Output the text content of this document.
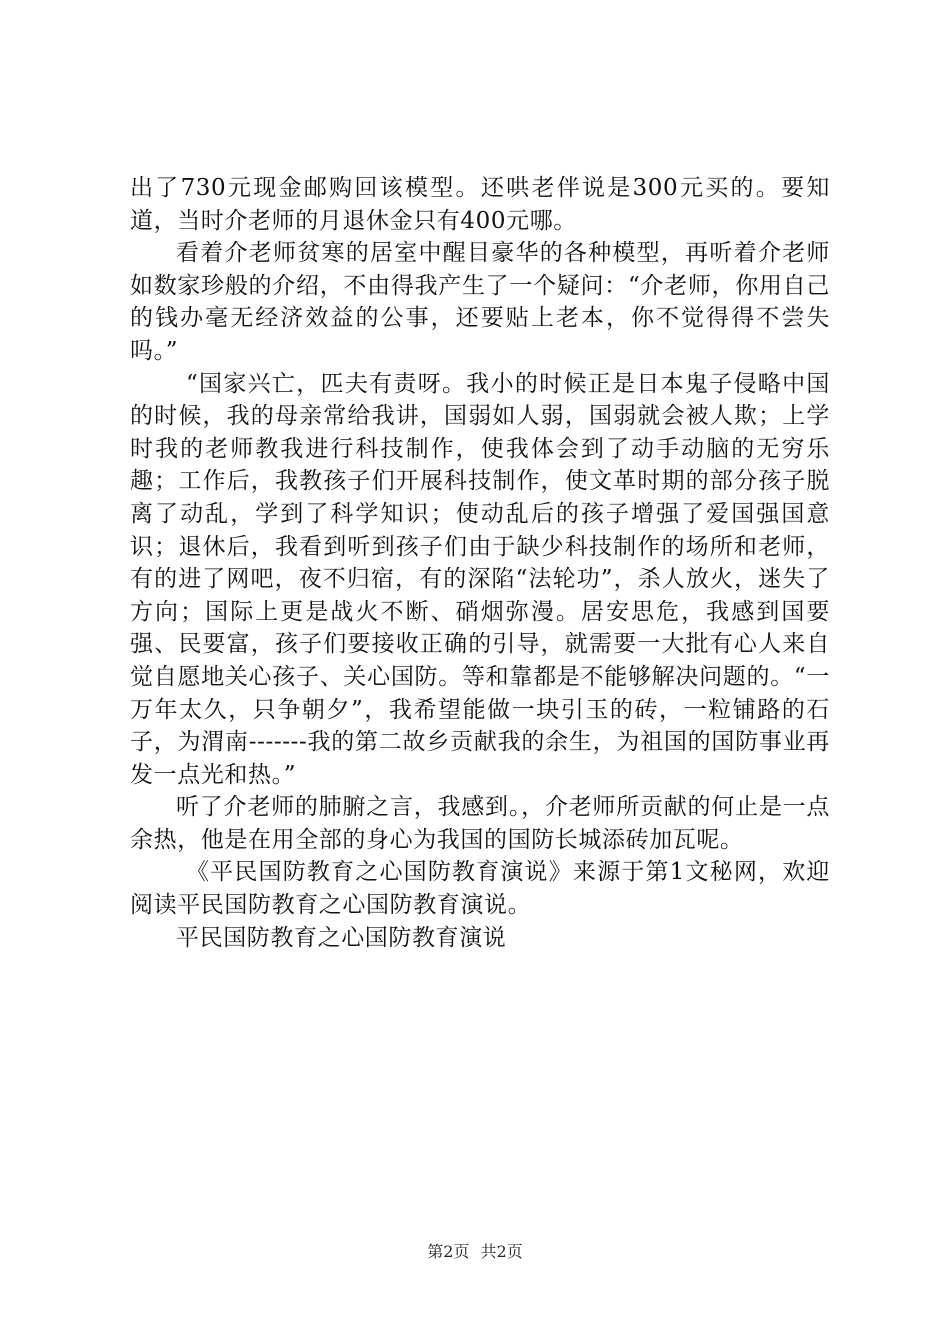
出了730元现金邮购回该模型。还哄老伴说是300元买的。要知道，当时介老师的月退休金只有400元哪。

看着介老师贫寒的居室中醒目豪华的各种模型，再听着介老师如数家珍般的介绍，不由得我产生了一个疑问：“介老师，你用自己的钱办毫无经济效益的公事，还要贴上老本，你不觉得得不尝失吗。”

“国家兴亡，匹夫有责呀。我小的时候正是日本鬼子侵略中国的时候，我的母亲常给我讲，国弱如人弱，国弱就会被人欺；上学时我的老师教我进行科技制作，使我体会到了动手动脑的无穷乐趣；工作后，我教孩子们开展科技制作，使文革时期的部分孩子脱离了动乱，学到了科学知识；使动乱后的孩子增强了爱国强国意识；退休后，我看到听到孩子们由于缺少科技制作的场所和老师，有的进了网吧，夜不归宿，有的深陷“法轮功”，杀人放火，迷失了方向；国际上更是战火不断、硝烟弥漫。居安思危，我感到国要强、民要富，孩子们要接收正确的引导，就需要一大批有心人来自觉自愿地关心孩子、关心国防。等和靠都是不能够解决问题的。“一万年太久，只争朝夕”，我希望能做一块引玉的砖，一粒铺路的石子，为渭南-------我的第二故乡贡献我的余生，为祖国的国防事业再发一点光和热。”

听了介老师的肺腑之言，我感到。，介老师所贡献的何止是一点余热，他是在用全部的身心为我国的国防长城添砖加瓦呢。

《平民国防教育之心国防教育演说》来源于第1文秘网，欢迎阅读平民国防教育之心国防教育演说。

平民国防教育之心国防教育演说

第2页 共2页
